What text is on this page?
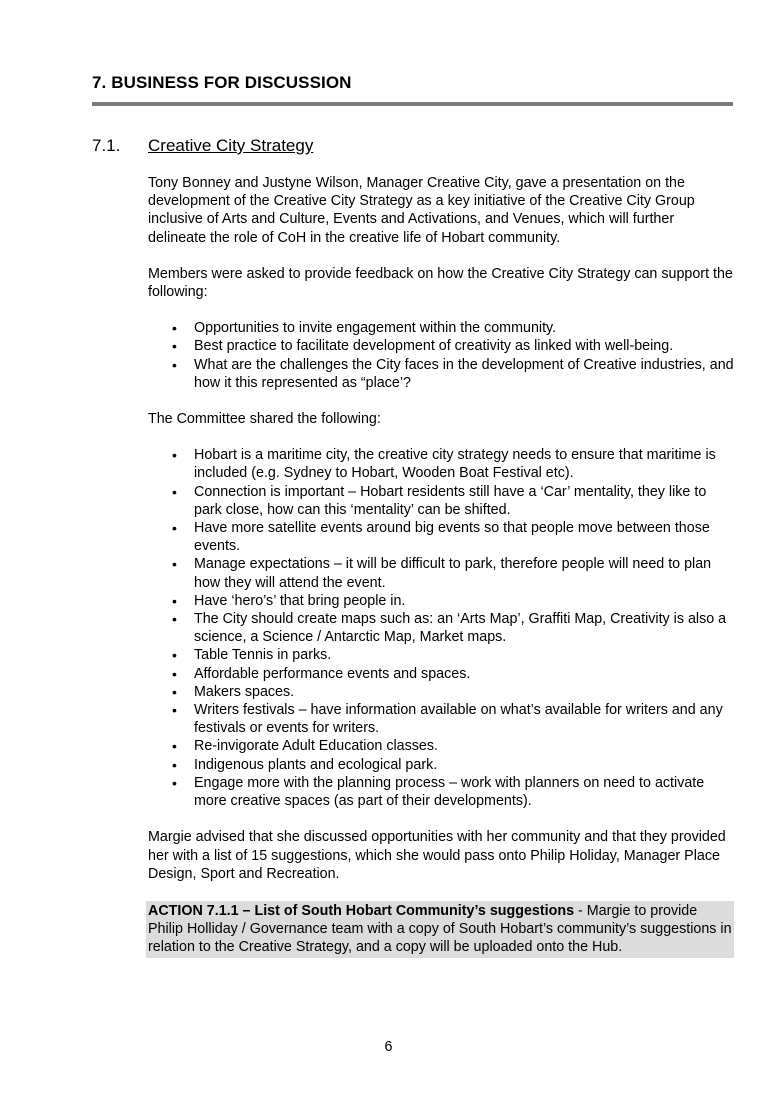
7. BUSINESS FOR DISCUSSION
7.1. Creative City Strategy

Tony Bonney and Justyne Wilson, Manager Creative City, gave a presentation on the development of the Creative City Strategy as a key initiative of the Creative City Group inclusive of Arts and Culture, Events and Activations, and Venues, which will further delineate the role of CoH in the creative life of Hobart community.

Members were asked to provide feedback on how the Creative City Strategy can support the following:

• Opportunities to invite engagement within the community.
• Best practice to facilitate development of creativity as linked with well-being.
• What are the challenges the City faces in the development of Creative industries, and how it this represented as “place’?

The Committee shared the following:

• Hobart is a maritime city, the creative city strategy needs to ensure that maritime is included (e.g. Sydney to Hobart, Wooden Boat Festival etc).
• Connection is important – Hobart residents still have a ‘Car’ mentality, they like to park close, how can this ‘mentality’ can be shifted.
• Have more satellite events around big events so that people move between those events.
• Manage expectations – it will be difficult to park, therefore people will need to plan how they will attend the event.
• Have ‘hero’s’ that bring people in.
• The City should create maps such as: an ‘Arts Map’, Graffiti Map, Creativity is also a science, a Science / Antarctic Map, Market maps.
• Table Tennis in parks.
• Affordable performance events and spaces.
• Makers spaces.
• Writers festivals – have information available on what’s available for writers and any festivals or events for writers.
• Re-invigorate Adult Education classes.
• Indigenous plants and ecological park.
• Engage more with the planning process – work with planners on need to activate more creative spaces (as part of their developments).

Margie advised that she discussed opportunities with her community and that they provided her with a list of 15 suggestions, which she would pass onto Philip Holiday, Manager Place Design, Sport and Recreation.

ACTION 7.1.1 – List of South Hobart Community’s suggestions - Margie to provide Philip Holliday / Governance team with a copy of South Hobart’s community’s suggestions in relation to the Creative Strategy, and a copy will be uploaded onto the Hub.
6
